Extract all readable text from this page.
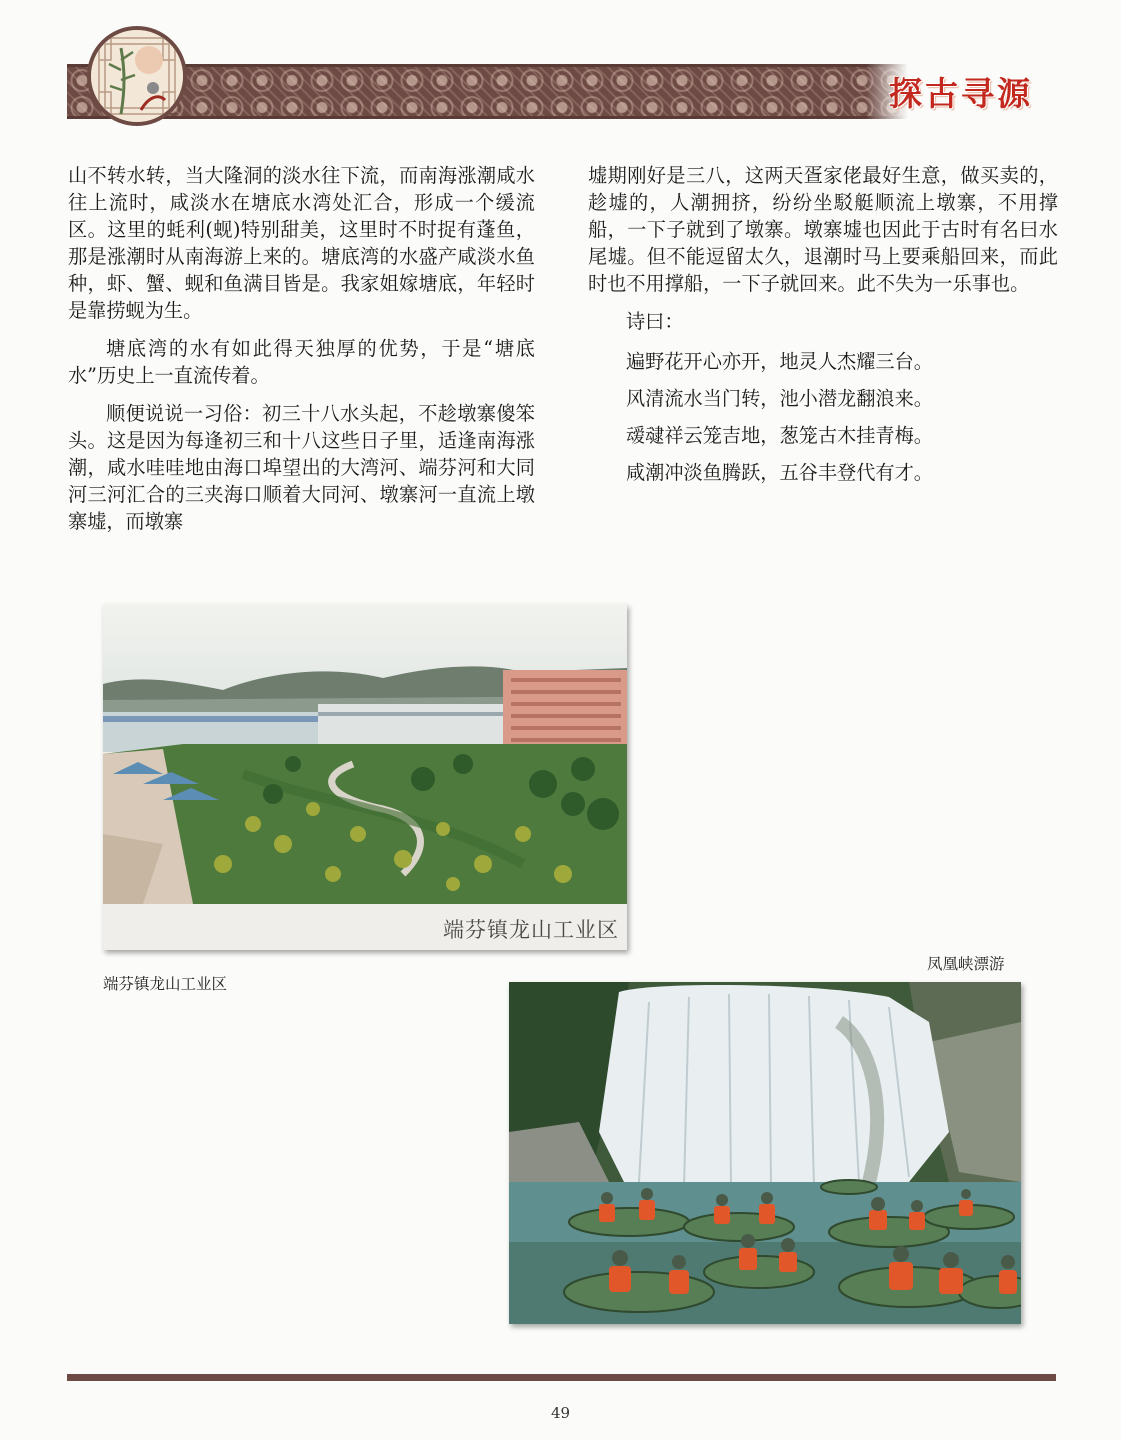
探古寻源

山不转水转，当大隆洞的淡水往下流，而南海涨潮咸水往上流时，咸淡水在塘底水湾处汇合，形成一个缓流区。这里的蚝利(蚬)特别甜美，这里时不时捉有蓬鱼，那是涨潮时从南海游上来的。塘底湾的水盛产咸淡水鱼种，虾、蟹、蚬和鱼满目皆是。我家姐嫁塘底，年轻时是靠捞蚬为生。

塘底湾的水有如此得天独厚的优势，于是“塘底水”历史上一直流传着。

顺便说说一习俗：初三十八水头起，不趁墩寨傻笨头。这是因为每逢初三和十八这些日子里，适逢南海涨潮，咸水哇哇地由海口埠望出的大湾河、端芬河和大同河三河汇合的三夹海口顺着大同河、墩寨河一直流上墩寨墟，而墩寨

墟期刚好是三八，这两天疍家佬最好生意，做买卖的，趁墟的，人潮拥挤，纷纷坐駁艇顺流上墩寨，不用撑船，一下子就到了墩寨。墩寨墟也因此于古时有名曰水尾墟。但不能逗留太久，退潮时马上要乘船回来，而此时也不用撑船，一下子就回来。此不失为一乐事也。

诗曰：

遍野花开心亦开，地灵人杰耀三台。

风清流水当门转，池小潜龙翻浪来。

叆叇祥云笼吉地，葱笼古木挂青梅。

咸潮冲淡鱼腾跃，五谷丰登代有才。

端芬镇龙山工业区
端芬镇龙山工业区
凤凰峡漂游
49
